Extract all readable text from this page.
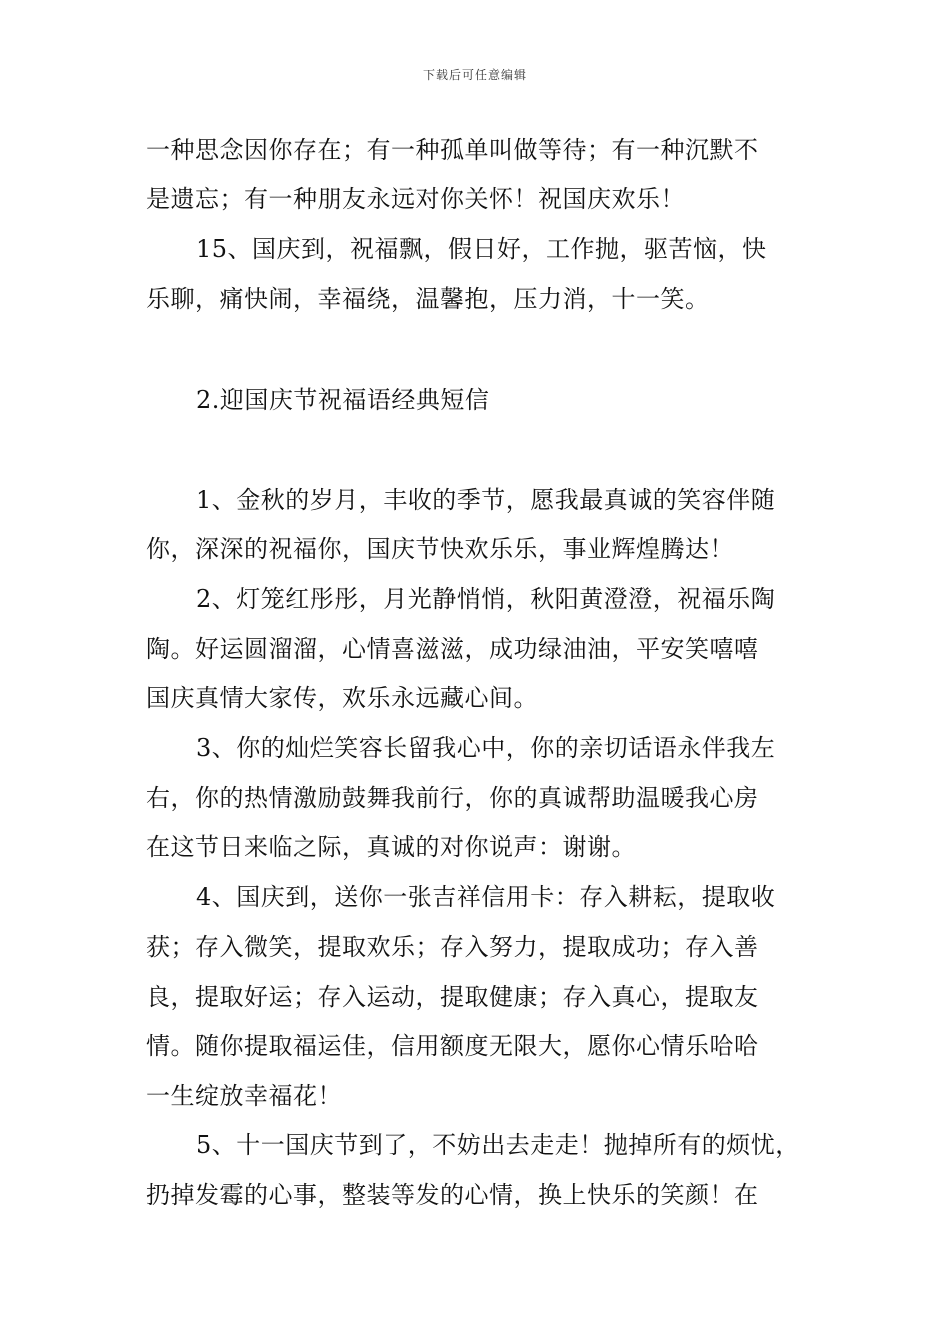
下载后可任意编辑
一种思念因你存在；有一种孤单叫做等待；有一种沉默不
是遗忘；有一种朋友永远对你关怀！祝国庆欢乐！
15、国庆到，祝福飘，假日好，工作抛，驱苦恼，快
乐聊，痛快闹，幸福绕，温馨抱，压力消，十一笑。
2.迎国庆节祝福语经典短信
1、金秋的岁月，丰收的季节，愿我最真诚的笑容伴随
你，深深的祝福你，国庆节快欢乐乐，事业辉煌腾达！
2、灯笼红彤彤，月光静悄悄，秋阳黄澄澄，祝福乐陶
陶。好运圆溜溜，心情喜滋滋，成功绿油油，平安笑嘻嘻
国庆真情大家传，欢乐永远藏心间。
3、你的灿烂笑容长留我心中，你的亲切话语永伴我左
右，你的热情激励鼓舞我前行，你的真诚帮助温暖我心房
在这节日来临之际，真诚的对你说声：谢谢。
4、国庆到，送你一张吉祥信用卡：存入耕耘，提取收
获；存入微笑，提取欢乐；存入努力，提取成功；存入善
良，提取好运；存入运动，提取健康；存入真心，提取友
情。随你提取福运佳，信用额度无限大，愿你心情乐哈哈
一生绽放幸福花！
5、十一国庆节到了，不妨出去走走！抛掉所有的烦忧，
扔掉发霉的心事，整装等发的心情，换上快乐的笑颜！在
